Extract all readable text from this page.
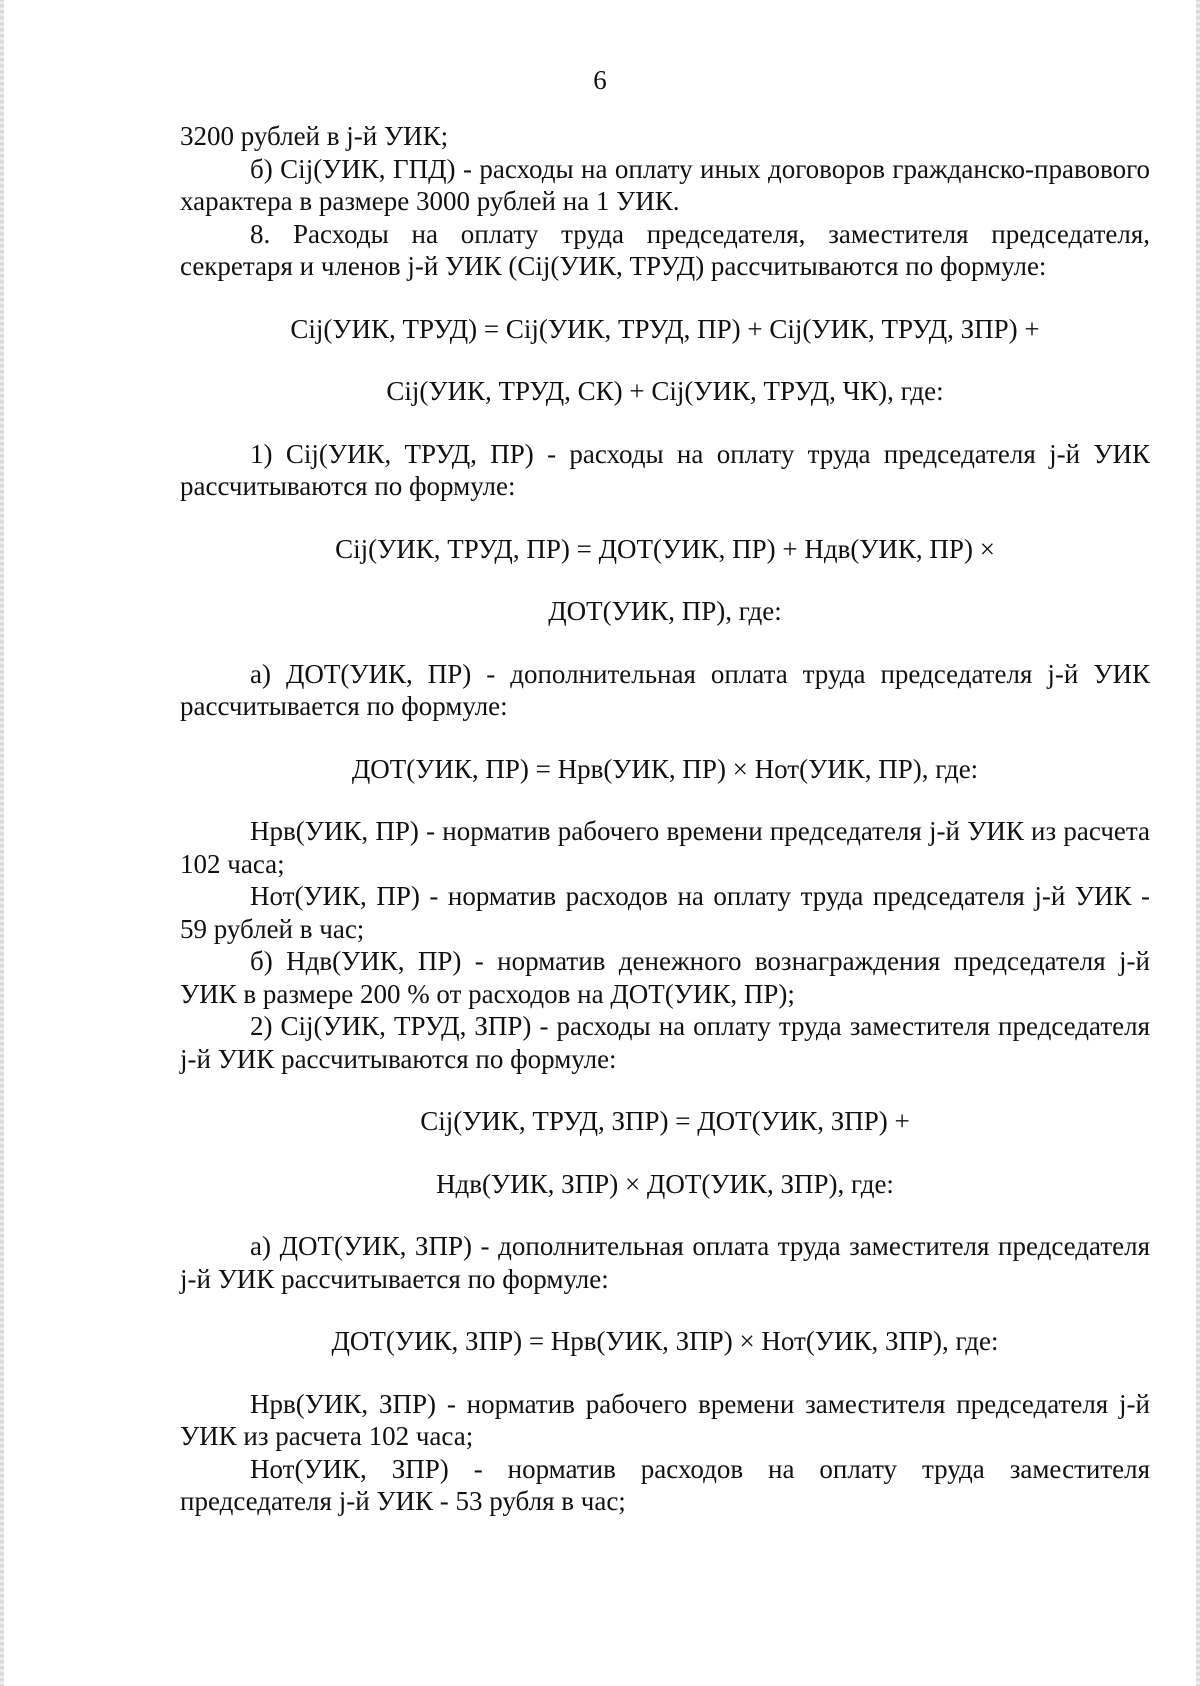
6

3200 рублей в j-й УИК;

б) Cij(УИК, ГПД) - расходы на оплату иных договоров гражданско-правового характера в размере 3000 рублей на 1 УИК.

8. Расходы на оплату труда председателя, заместителя председателя, секретаря и членов j-й УИК (Cij(УИК, ТРУД) рассчитываются по формуле:

Cij(УИК, ТРУД) = Cij(УИК, ТРУД, ПР) + Cij(УИК, ТРУД, ЗПР) +

Cij(УИК, ТРУД, СК) + Cij(УИК, ТРУД, ЧК), где:

1) Cij(УИК, ТРУД, ПР) - расходы на оплату труда председателя j-й УИК рассчитываются по формуле:

Cij(УИК, ТРУД, ПР) = ДОТ(УИК, ПР) + Ндв(УИК, ПР) ×

ДОТ(УИК, ПР), где:

а) ДОТ(УИК, ПР) - дополнительная оплата труда председателя j-й УИК рассчитывается по формуле:

ДОТ(УИК, ПР) = Нрв(УИК, ПР) × Нот(УИК, ПР), где:

Нрв(УИК, ПР) - норматив рабочего времени председателя j-й УИК из расчета 102 часа;

Нот(УИК, ПР) - норматив расходов на оплату труда председателя j-й УИК - 59 рублей в час;

б) Ндв(УИК, ПР) - норматив денежного вознаграждения председателя j-й УИК в размере 200 % от расходов на ДОТ(УИК, ПР);

2) Cij(УИК, ТРУД, ЗПР) - расходы на оплату труда заместителя председателя j-й УИК рассчитываются по формуле:

Cij(УИК, ТРУД, ЗПР) = ДОТ(УИК, ЗПР) +

Ндв(УИК, ЗПР) × ДОТ(УИК, ЗПР), где:

а) ДОТ(УИК, ЗПР) - дополнительная оплата труда заместителя председателя j-й УИК рассчитывается по формуле:

ДОТ(УИК, ЗПР) = Нрв(УИК, ЗПР) × Нот(УИК, ЗПР), где:

Нрв(УИК, ЗПР) - норматив рабочего времени заместителя председателя j-й УИК из расчета 102 часа;

Нот(УИК, ЗПР) - норматив расходов на оплату труда заместителя председателя j-й УИК - 53 рубля в час;
